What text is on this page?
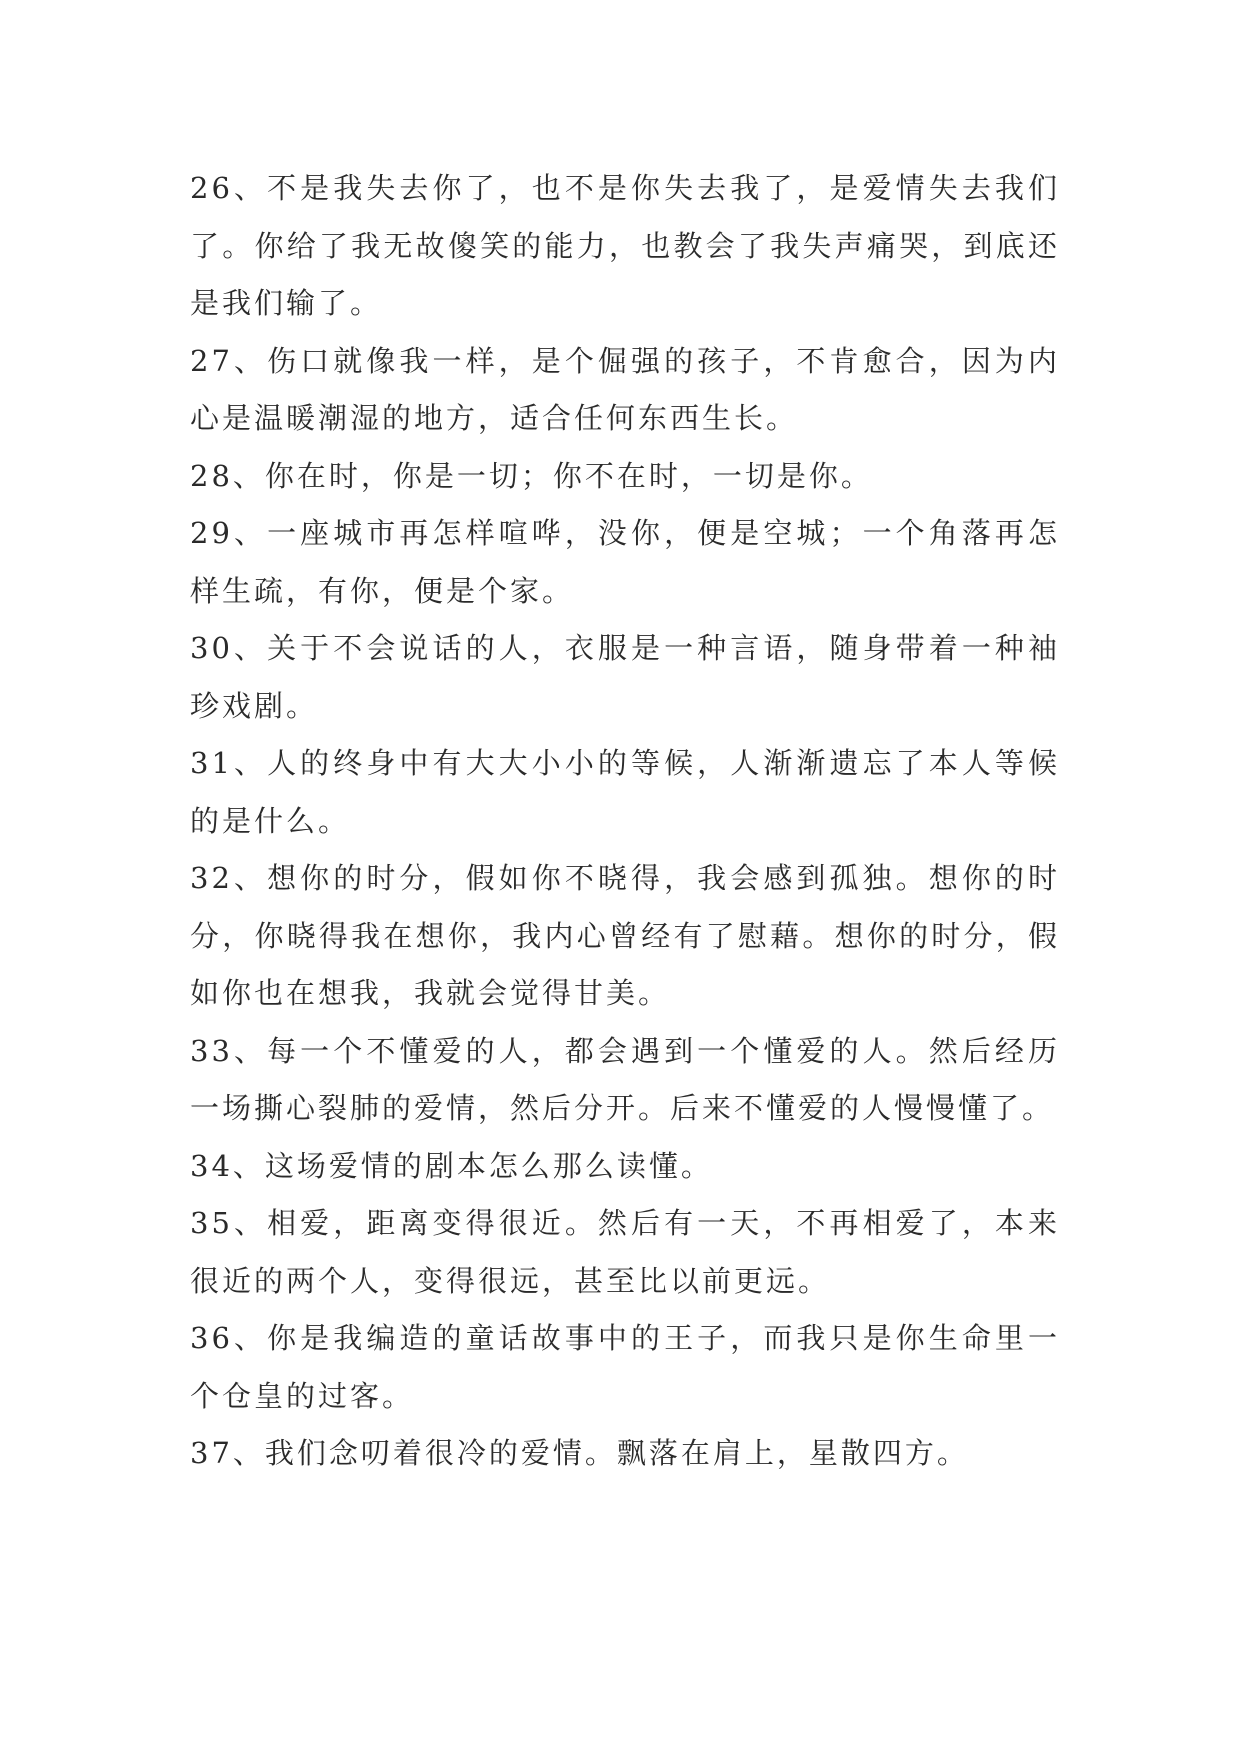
26、不是我失去你了，也不是你失去我了，是爱情失去我们了。你给了我无故傻笑的能力，也教会了我失声痛哭，到底还是我们输了。

27、伤口就像我一样，是个倔强的孩子，不肯愈合，因为内心是温暖潮湿的地方，适合任何东西生长。

28、你在时，你是一切；你不在时，一切是你。

29、一座城市再怎样喧哗，没你，便是空城；一个角落再怎样生疏，有你，便是个家。

30、关于不会说话的人，衣服是一种言语，随身带着一种袖珍戏剧。

31、人的终身中有大大小小的等候，人渐渐遗忘了本人等候的是什么。

32、想你的时分，假如你不晓得，我会感到孤独。想你的时分，你晓得我在想你，我内心曾经有了慰藉。想你的时分，假如你也在想我，我就会觉得甘美。

33、每一个不懂爱的人，都会遇到一个懂爱的人。然后经历一场撕心裂肺的爱情，然后分开。后来不懂爱的人慢慢懂了。

34、这场爱情的剧本怎么那么读懂。

35、相爱，距离变得很近。然后有一天，不再相爱了，本来很近的两个人，变得很远，甚至比以前更远。

36、你是我编造的童话故事中的王子，而我只是你生命里一个仓皇的过客。

37、我们念叨着很冷的爱情。飘落在肩上，星散四方。
